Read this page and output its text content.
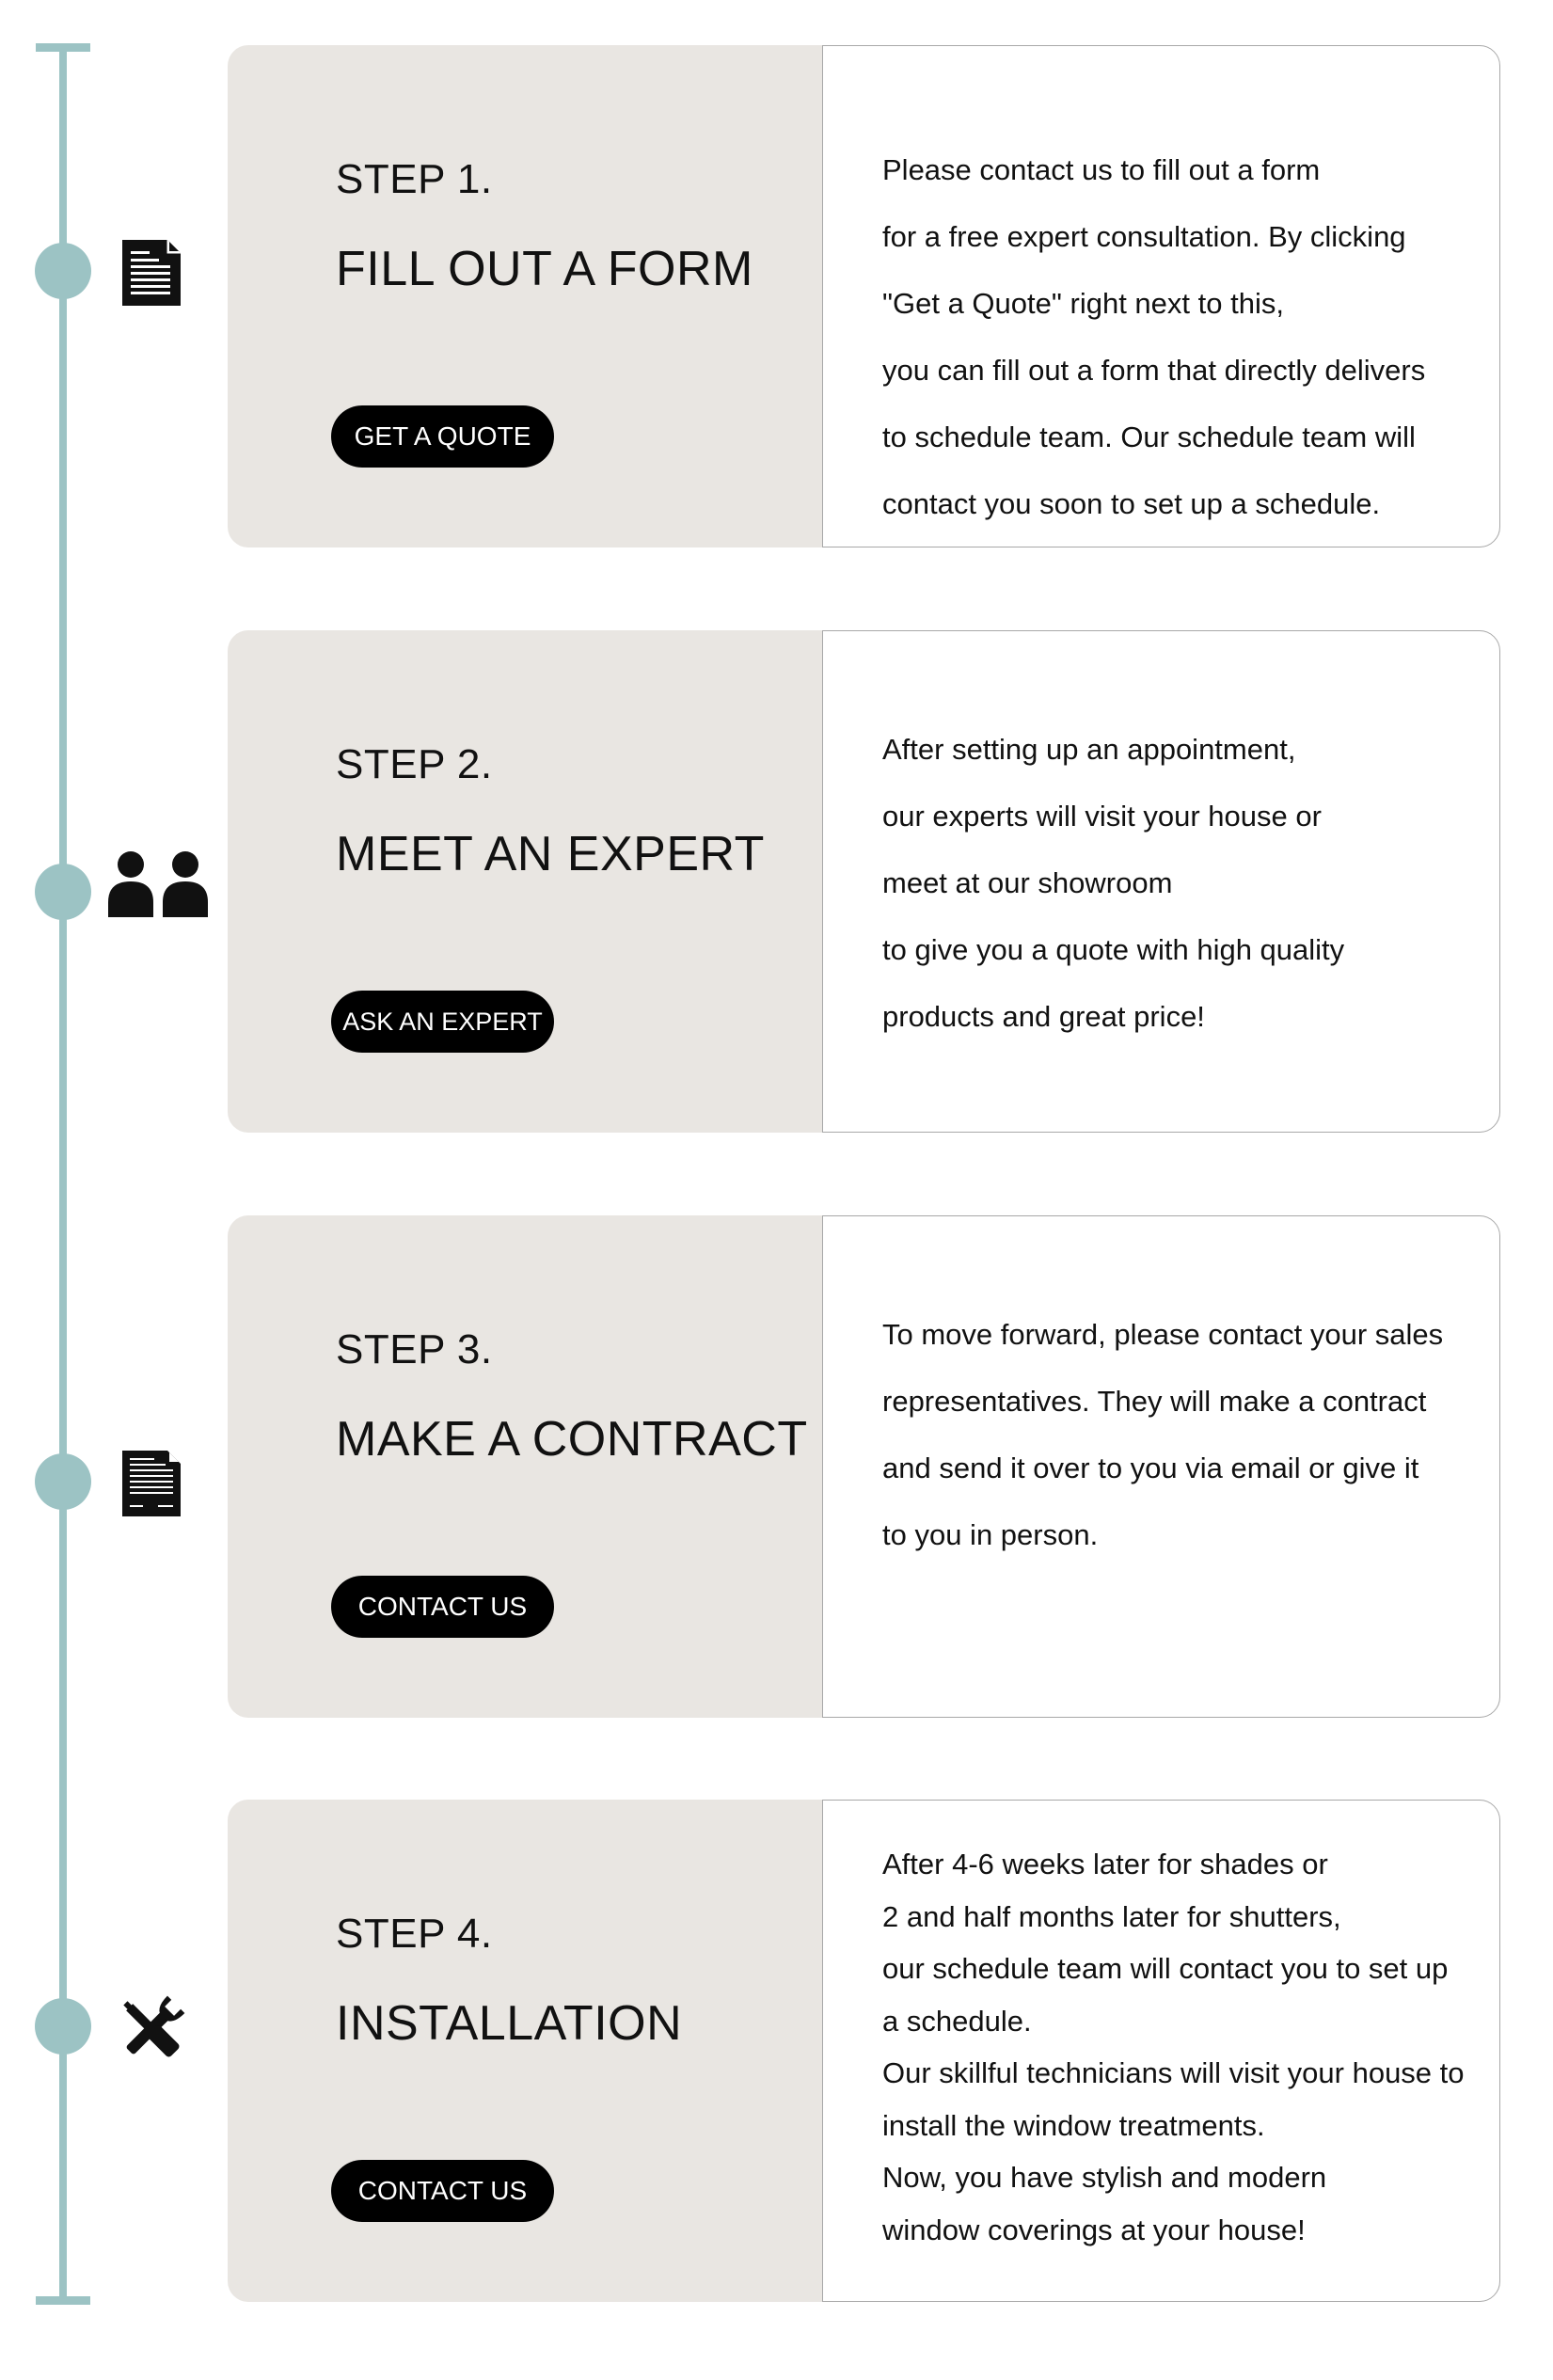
STEP 1.
FILL OUT A FORM
GET A QUOTE
Please contact us to fill out a form
for a free expert consultation. By clicking
"Get a Quote" right next to this,
you can fill out a form that directly delivers
to schedule team. Our schedule team will
contact you soon to set up a schedule.
STEP 2.
MEET AN EXPERT
ASK AN EXPERT
After setting up an appointment,
our experts will visit your house or
meet at our showroom
to give you a quote with high quality
products and great price!
STEP 3.
MAKE A CONTRACT
CONTACT US
To move forward, please contact your sales
representatives. They will make a contract
and send it over to you via email or give it
to you in person.
STEP 4.
INSTALLATION
CONTACT US
After 4-6 weeks later for shades or
2 and half months later for shutters,
our schedule team will contact you to set up
a schedule.
Our skillful technicians will visit your house to
install the window treatments.
Now, you have stylish and modern
window coverings at your house!
